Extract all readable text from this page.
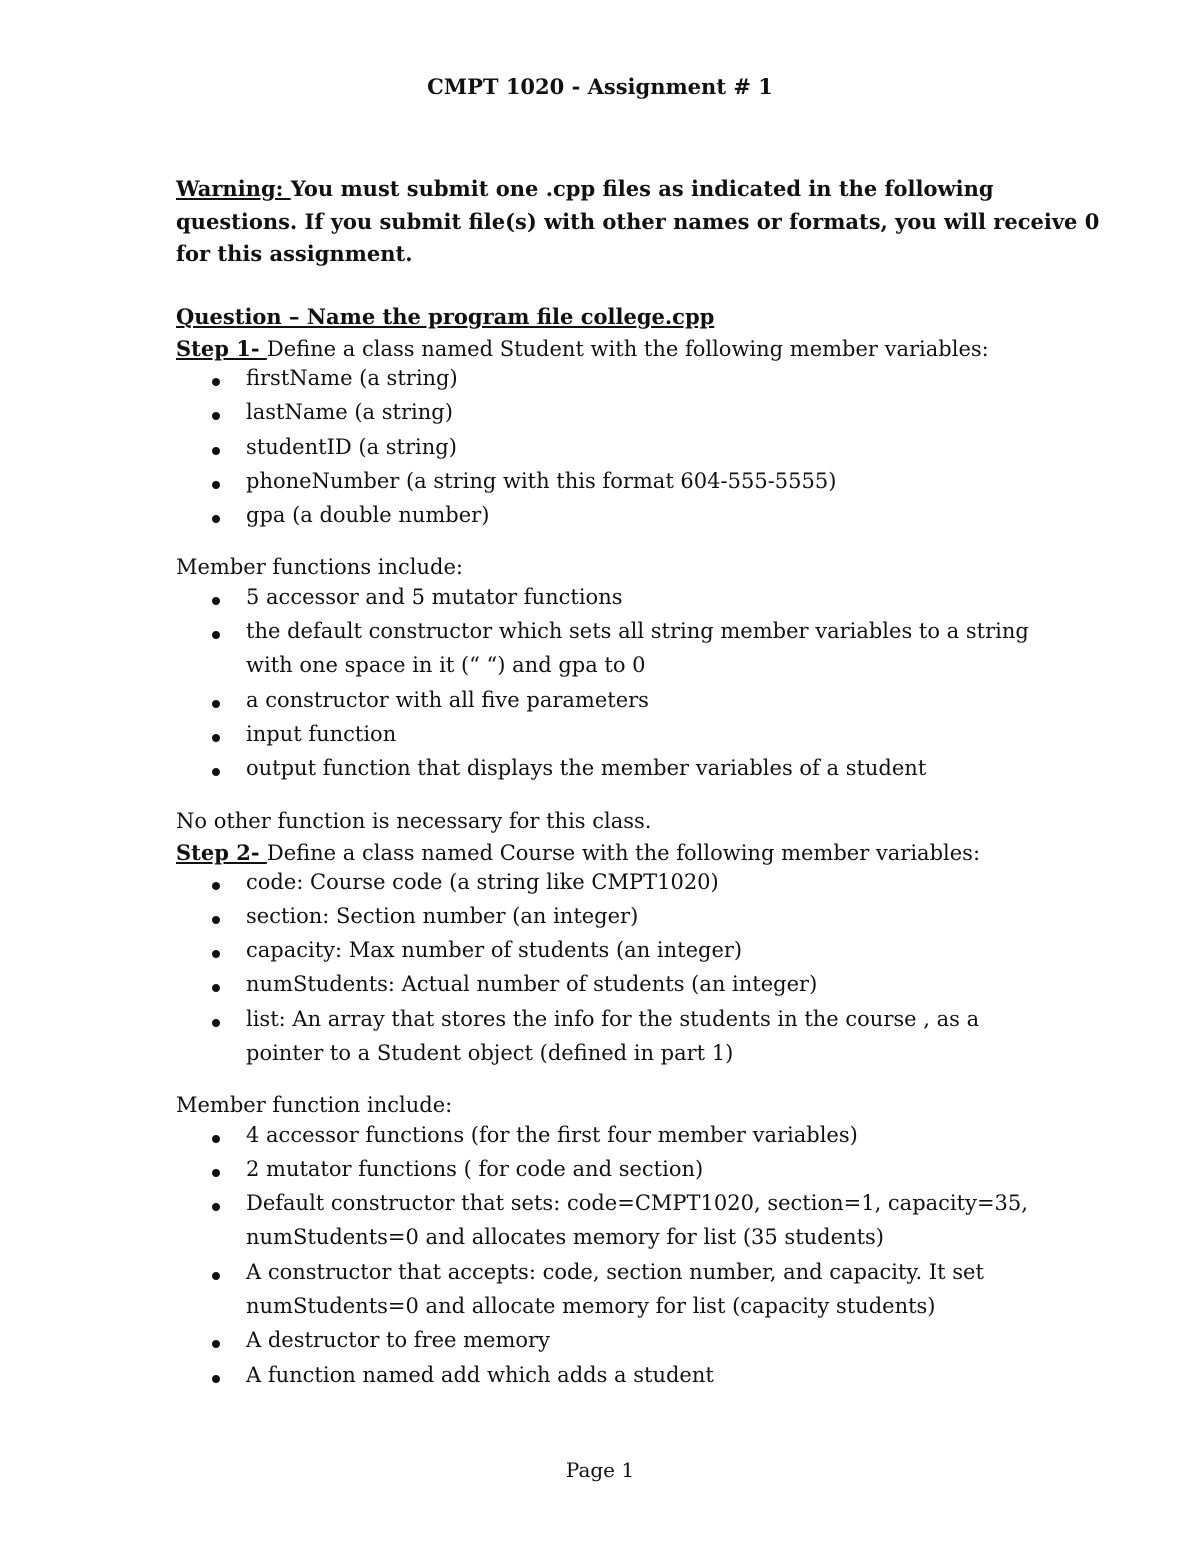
CMPT 1020 - Assignment # 1

Warning: You must submit one .cpp files as indicated in the following

questions. If you submit file(s) with other names or formats, you will receive 0

for this assignment.

Question – Name the program file college.cpp

Step 1- Define a class named Student with the following member variables:

firstName (a string)

lastName (a string)

studentID (a string)

phoneNumber (a string with this format 604-555-5555)

gpa (a double number)

Member functions include:

5 accessor and 5 mutator functions

the default constructor which sets all string member variables to a string

with one space in it (“ “) and gpa to 0

a constructor with all five parameters

input function

output function that displays the member variables of a student

No other function is necessary for this class.

Step 2- Define a class named Course with the following member variables:

code: Course code (a string like CMPT1020)

section: Section number (an integer)

capacity: Max number of students (an integer)

numStudents: Actual number of students (an integer)

list: An array that stores the info for the students in the course , as a

pointer to a Student object (defined in part 1)

Member function include:

4 accessor functions (for the first four member variables)

2 mutator functions ( for code and section)

Default constructor that sets: code=CMPT1020, section=1, capacity=35,

numStudents=0 and allocates memory for list (35 students)

A constructor that accepts: code, section number, and capacity. It set

numStudents=0 and allocate memory for list (capacity students)

A destructor to free memory

A function named add which adds a student

Page 1
